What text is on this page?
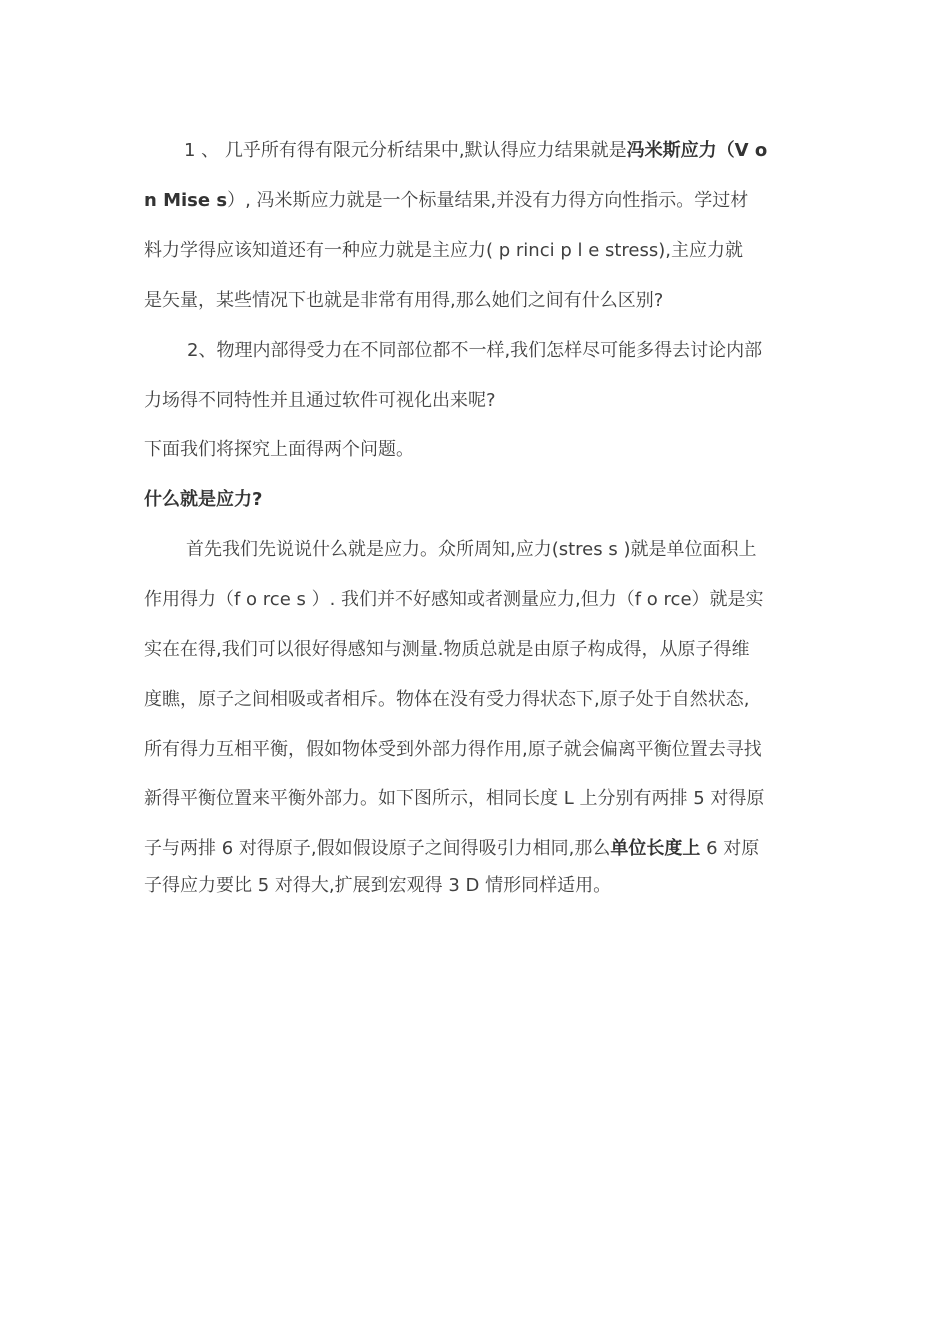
1 、 几乎所有得有限元分析结果中,默认得应力结果就是冯米斯应力（V o
n Mise s）, 冯米斯应力就是一个标量结果,并没有力得方向性指示。学过材
料力学得应该知道还有一种应力就是主应力( p rinci p l e stress),主应力就
是矢量，某些情况下也就是非常有用得,那么她们之间有什么区别?
2、物理内部得受力在不同部位都不一样,我们怎样尽可能多得去讨论内部
力场得不同特性并且通过软件可视化出来呢?
下面我们将探究上面得两个问题。
什么就是应力?
首先我们先说说什么就是应力。众所周知,应力(stres s )就是单位面积上
作用得力（f o rce s ）. 我们并不好感知或者测量应力,但力（f o rce）就是实
实在在得,我们可以很好得感知与测量.物质总就是由原子构成得，从原子得维
度瞧，原子之间相吸或者相斥。物体在没有受力得状态下,原子处于自然状态,
所有得力互相平衡，假如物体受到外部力得作用,原子就会偏离平衡位置去寻找
新得平衡位置来平衡外部力。如下图所示，相同长度 L 上分别有两排 5 对得原
子与两排 6 对得原子,假如假设原子之间得吸引力相同,那么单位长度上 6 对原
子得应力要比 5 对得大,扩展到宏观得 3 D 情形同样适用。
